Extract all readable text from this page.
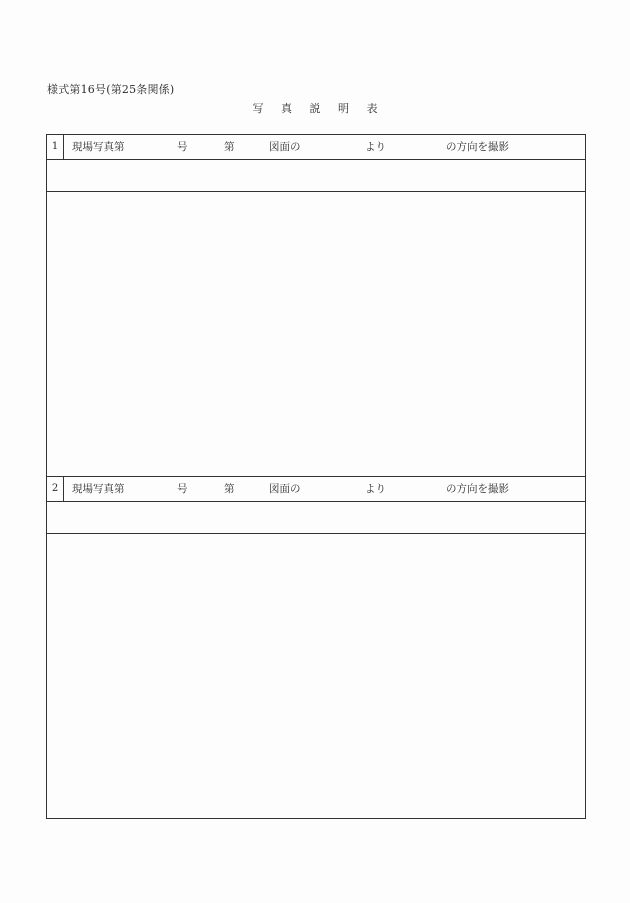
様式第16号(第25条関係)
写 真 説 明 表
1	現場写真第	号	第	図面の	より	の方向を撮影
2	現場写真第	号	第	図面の	より	の方向を撮影
